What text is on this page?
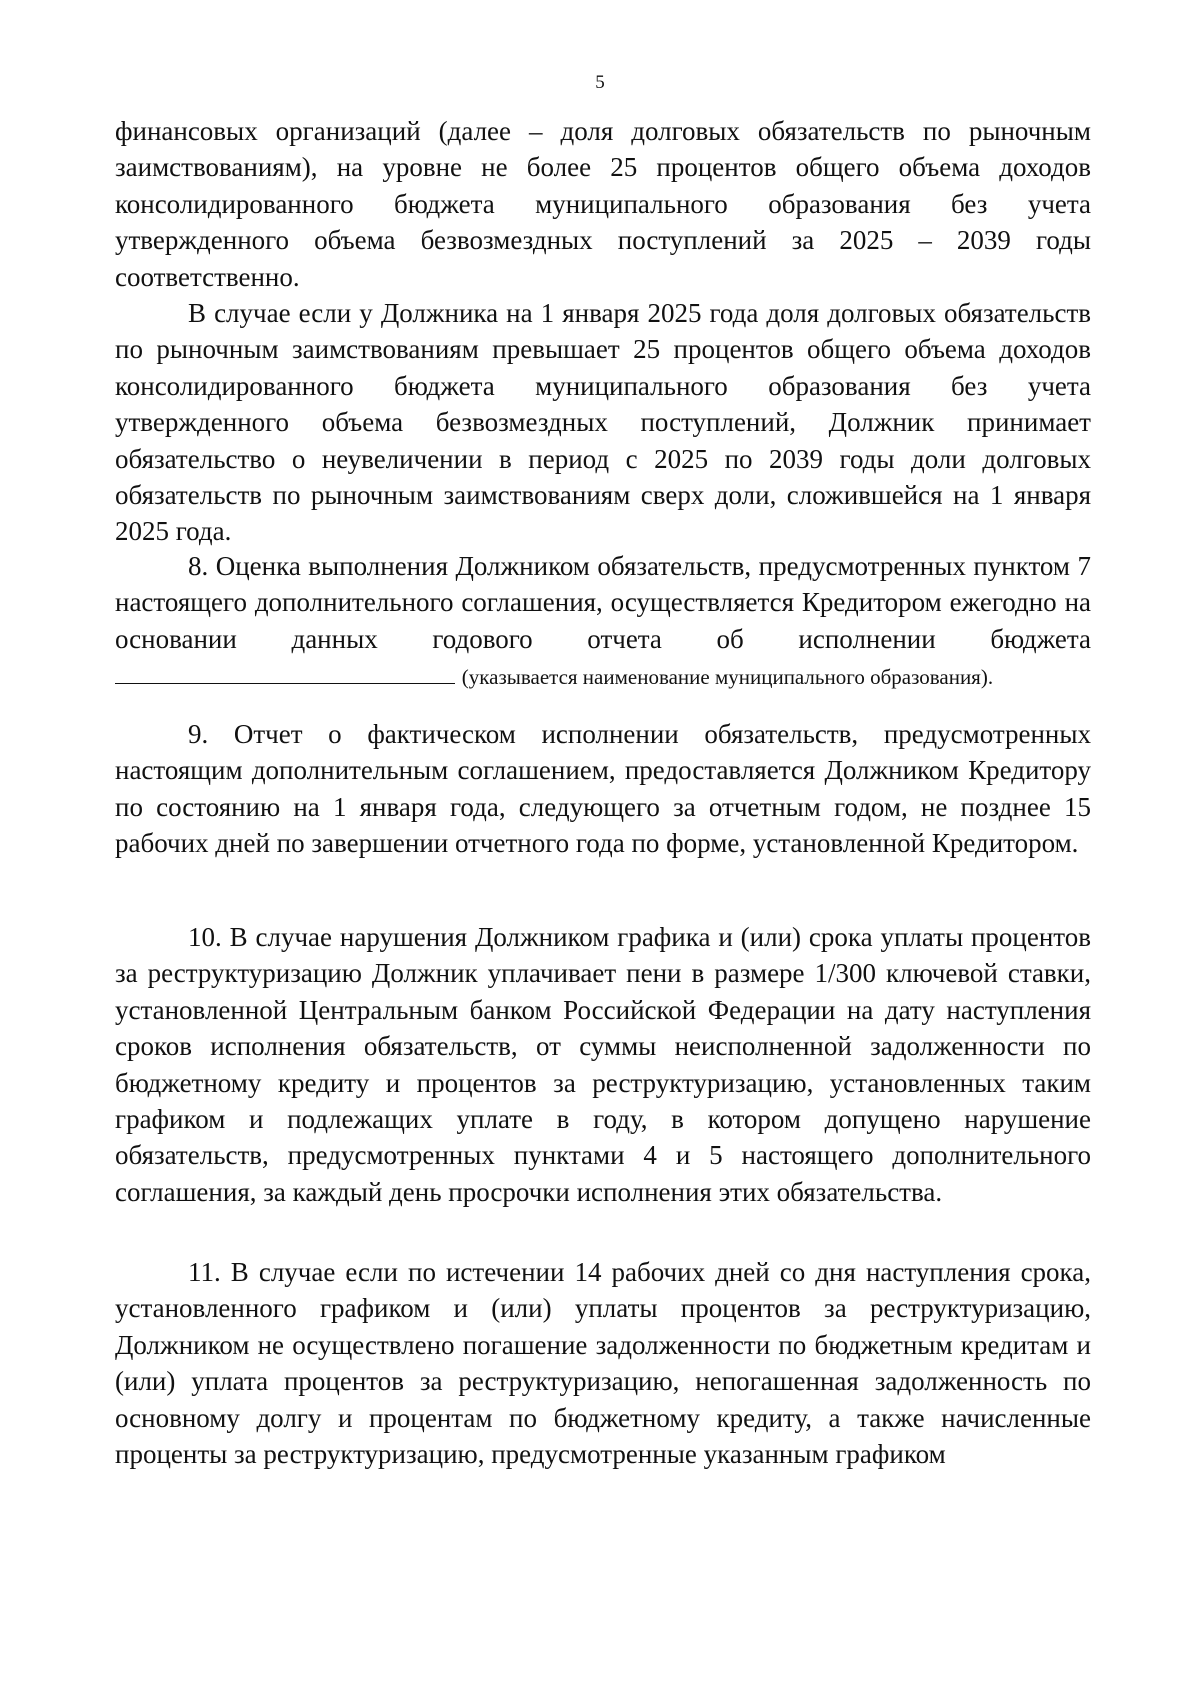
5

финансовых организаций (далее – доля долговых обязательств по рыночным заимствованиям), на уровне не более 25 процентов общего объема доходов консолидированного бюджета муниципального образования без учета утвержденного объема безвозмездных поступлений за 2025 – 2039 годы соответственно.

В случае если у Должника на 1 января 2025 года доля долговых обязательств по рыночным заимствованиям превышает 25 процентов общего объема доходов консолидированного бюджета муниципального образования без учета утвержденного объема безвозмездных поступлений, Должник принимает обязательство о неувеличении в период с 2025 по 2039 годы доли долговых обязательств по рыночным заимствованиям сверх доли, сложившейся на 1 января 2025 года.

8. Оценка выполнения Должником обязательств, предусмотренных пунктом 7 настоящего дополнительного соглашения, осуществляется Кредитором ежегодно на основании данных годового отчета об исполнении бюджета  (указывается наименование муниципального образования).

9. Отчет о фактическом исполнении обязательств, предусмотренных настоящим дополнительным соглашением, предоставляется Должником Кредитору по состоянию на 1 января года, следующего за отчетным годом, не позднее 15 рабочих дней по завершении отчетного года по форме, установленной Кредитором.

10. В случае нарушения Должником графика и (или) срока уплаты процентов за реструктуризацию Должник уплачивает пени в размере 1/300 ключевой ставки, установленной Центральным банком Российской Федерации на дату наступления сроков исполнения обязательств, от суммы неисполненной задолженности по бюджетному кредиту и процентов за реструктуризацию, установленных таким графиком и подлежащих уплате в году, в котором допущено нарушение обязательств, предусмотренных пунктами 4 и 5 настоящего дополнительного соглашения, за каждый день просрочки исполнения этих обязательства.

11. В случае если по истечении 14 рабочих дней со дня наступления срока, установленного графиком и (или) уплаты процентов за реструктуризацию, Должником не осуществлено погашение задолженности по бюджетным кредитам и (или) уплата процентов за реструктуризацию, непогашенная задолженность по основному долгу и процентам по бюджетному кредиту, а также начисленные проценты за реструктуризацию, предусмотренные указанным графиком
